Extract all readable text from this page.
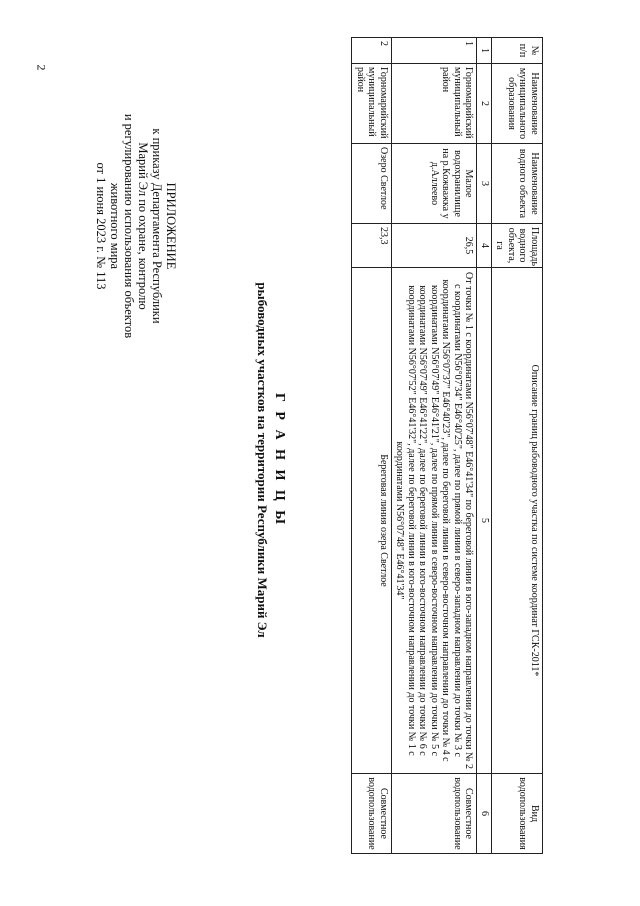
2
ПРИЛОЖЕНИЕ
к приказу Департамента Республики
Марий Эл по охране, контролю
и регулированию использования объектов
животного мира
от 1 июня 2023 г. № 113
Г Р А Н И Ц Ы
рыбоводных участков на территории Республики Марий Эл
№ п/п	Наименование муниципального образования	Наименование водного объекта	Площадь водного объекта, га	Описание границ рыбоводного участка по системе координат ГСК-2011*	Вид водопользования
1	2	3	4	5	6
1	Горномарийский муниципальный район	Малое водохранилище на р.Кожважка у д.Аллеево	26,5	От точки № 1 с координатами N56°07'48" E46°41'34" по береговой линии в юго-западном направлении до точки № 2 с координатами N56°07'34" E46°40'25", далее по прямой линии в северо-западном направлении до точки № 3 с координатами N56°07'37" E46°40'23", далее по береговой линии в северо-восточном направлении до точки № 4 с координатами N56°07'49" E46°41'21", далее по прямой линии в северо-восточном направлении до точки № 5 с координатами N56°07'49" E46°41'22", далее по береговой линии в юго-восточном направлении до точки № 6 с координатами N56°07'52" E46°41'32", далее по береговой линии в юго-восточном направлении до точки № 1 с координатами N56°07'48" E46°41'34"	Совместное водопользование
2	Горномарийский муниципальный район	Озеро Светлое	23,3	Береговая линия озера Светлое	Совместное водопользование
